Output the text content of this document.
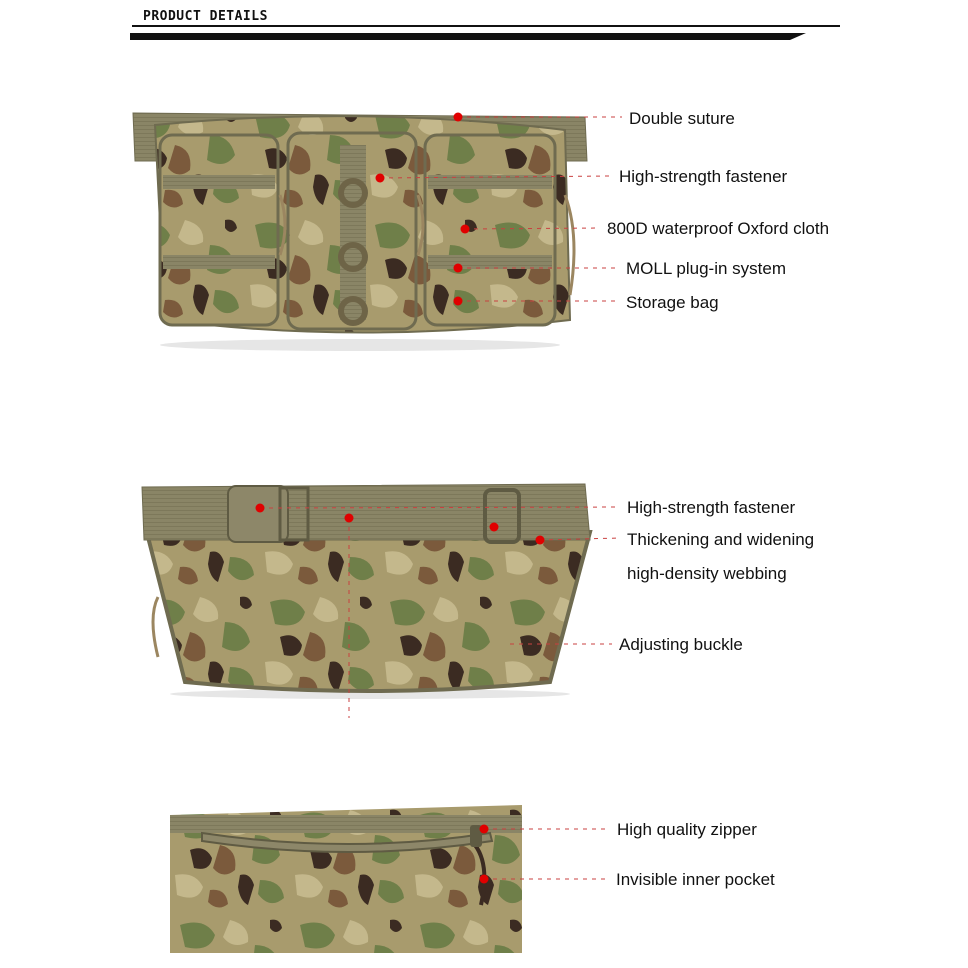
PRODUCT DETAILS
Double suture
High-strength fastener
800D waterproof Oxford cloth
MOLL plug-in system
Storage bag
High-strength fastener
Thickening and widening
high-density webbing
Adjusting buckle
High quality zipper
Invisible inner pocket
